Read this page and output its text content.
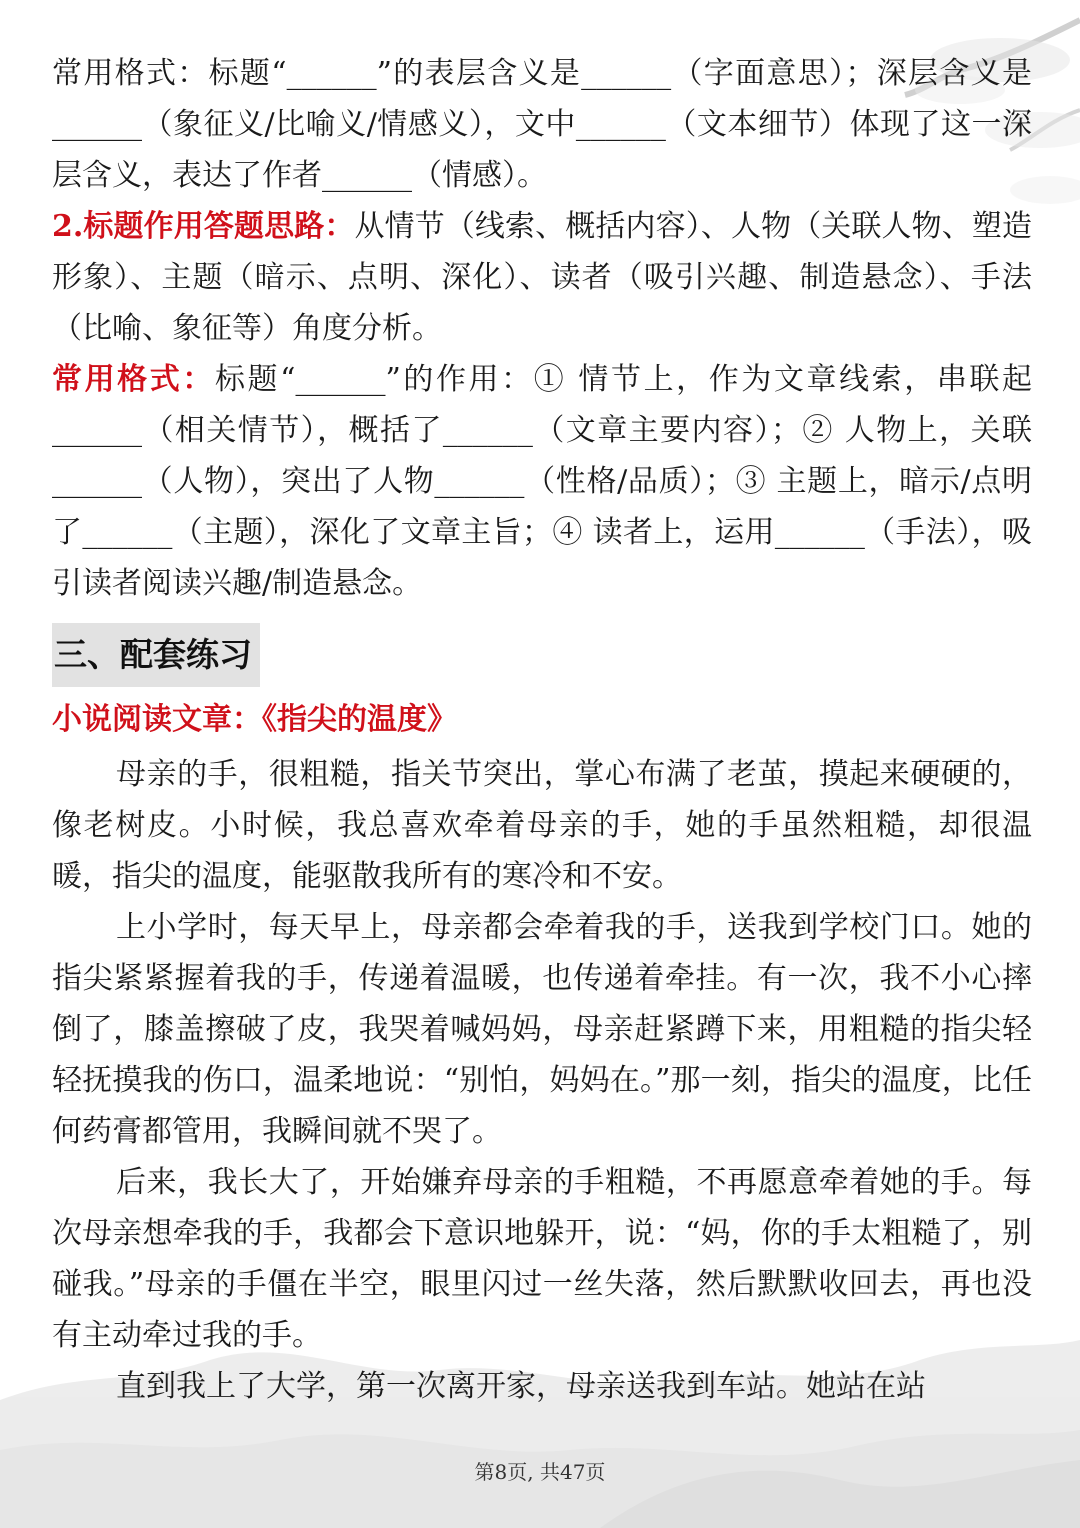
常用格式：标题“______”的表层含义是______（字面意思）；深层含义是______（象征义/比喻义/情感义），文中______（文本细节）体现了这一深层含义，表达了作者______（情感）。

2.标题作用答题思路：从情节（线索、概括内容）、人物（关联人物、塑造形象）、主题（暗示、点明、深化）、读者（吸引兴趣、制造悬念）、手法（比喻、象征等）角度分析。

常用格式：标题“______”的作用：① 情节上，作为文章线索，串联起______（相关情节），概括了______（文章主要内容）；② 人物上，关联______（人物），突出了人物______（性格/品质）；③ 主题上，暗示/点明了______（主题），深化了文章主旨；④ 读者上，运用______（手法），吸引读者阅读兴趣/制造悬念。

三、配套练习

小说阅读文章：《指尖的温度》

母亲的手，很粗糙，指关节突出，掌心布满了老茧，摸起来硬硬的，像老树皮。小时候，我总喜欢牵着母亲的手，她的手虽然粗糙，却很温暖，指尖的温度，能驱散我所有的寒冷和不安。

上小学时，每天早上，母亲都会牵着我的手，送我到学校门口。她的指尖紧紧握着我的手，传递着温暖，也传递着牵挂。有一次，我不小心摔倒了，膝盖擦破了皮，我哭着喊妈妈，母亲赶紧蹲下来，用粗糙的指尖轻轻抚摸我的伤口，温柔地说：“别怕，妈妈在。”那一刻，指尖的温度，比任何药膏都管用，我瞬间就不哭了。

后来，我长大了，开始嫌弃母亲的手粗糙，不再愿意牵着她的手。每次母亲想牵我的手，我都会下意识地躲开，说：“妈，你的手太粗糙了，别碰我。”母亲的手僵在半空，眼里闪过一丝失落，然后默默收回去，再也没有主动牵过我的手。

直到我上了大学，第一次离开家，母亲送我到车站。她站在站

第8页, 共47页
